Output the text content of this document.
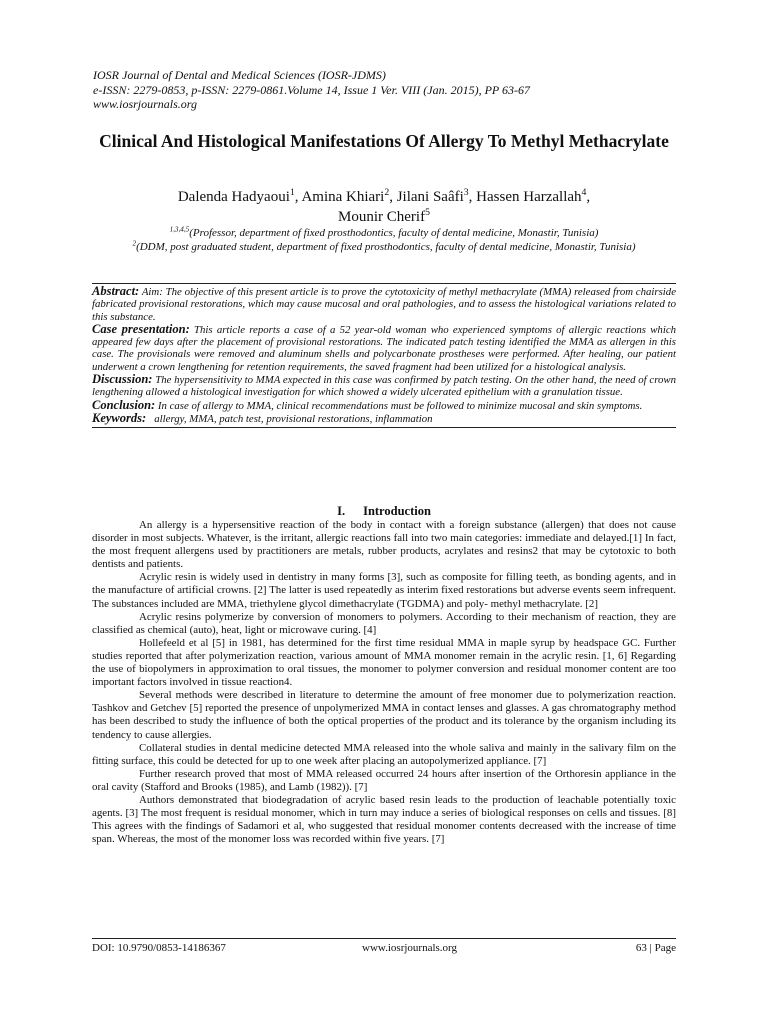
IOSR Journal of Dental and Medical Sciences (IOSR-JDMS)
e-ISSN: 2279-0853, p-ISSN: 2279-0861.Volume 14, Issue 1 Ver. VIII (Jan. 2015), PP 63-67
www.iosrjournals.org
Clinical And Histological Manifestations Of Allergy To Methyl Methacrylate
Dalenda Hadyaoui$^1$, Amina Khiari$^2$, Jilani Saâfi$^3$, Hassen Harzallah$^4$,
Mounir Cherif$^5$
$^{1,3,4,5}$(Professor, department of fixed prosthodontics, faculty of dental medicine, Monastir, Tunisia)
$^2$(DDM, post graduated student, department of fixed prosthodontics, faculty of dental medicine, Monastir, Tunisia)

Abstract: Aim: The objective of this present article is to prove the cytotoxicity of methyl methacrylate (MMA) released from chairside fabricated provisional restorations, which may cause mucosal and oral pathologies, and to assess the histological variations related to this substance.

Case presentation: This article reports a case of a 52 year-old woman who experienced symptoms of allergic reactions which appeared few days after the placement of provisional restorations. The indicated patch testing identified the MMA as allergen in this case. The provisionals were removed and aluminum shells and polycarbonate prostheses were performed. After healing, our patient underwent a crown lengthening for retention requirements, the saved fragment had been utilized for a histological analysis.

Discussion: The hypersensitivity to MMA expected in this case was confirmed by patch testing. On the other hand, the need of crown lengthening allowed a histological investigation for which showed a widely ulcerated epithelium with a granulation tissue.

Conclusion: In case of allergy to MMA, clinical recommendations must be followed to minimize mucosal and skin symptoms.

Keywords: allergy, MMA, patch test, provisional restorations, inflammation

I. Introduction

An allergy is a hypersensitive reaction of the body in contact with a foreign substance (allergen) that does not cause disorder in most subjects. Whatever, is the irritant, allergic reactions fall into two main categories: immediate and delayed.[1] In fact, the most frequent allergens used by practitioners are metals, rubber products, acrylates and resins2 that may be cytotoxic to both dentists and patients.

Acrylic resin is widely used in dentistry in many forms [3], such as composite for filling teeth, as bonding agents, and in the manufacture of artificial crowns. [2] The latter is used repeatedly as interim fixed restorations but adverse events seem infrequent. The substances included are MMA, triethylene glycol dimethacrylate (TGDMA) and poly- methyl methacrylate. [2]

Acrylic resins polymerize by conversion of monomers to polymers. According to their mechanism of reaction, they are classified as chemical (auto), heat, light or microwave curing. [4]

Hollefeeld et al [5] in 1981, has determined for the first time residual MMA in maple syrup by headspace GC. Further studies reported that after polymerization reaction, various amount of MMA monomer remain in the acrylic resin. [1, 6] Regarding the use of biopolymers in approximation to oral tissues, the monomer to polymer conversion and residual monomer content are too important factors involved in tissue reaction4.

Several methods were described in literature to determine the amount of free monomer due to polymerization reaction. Tashkov and Getchev [5] reported the presence of unpolymerized MMA in contact lenses and glasses. A gas chromatography method has been described to study the influence of both the optical properties of the product and its tolerance by the organism including its tendency to cause allergies.

Collateral studies in dental medicine detected MMA released into the whole saliva and mainly in the salivary film on the fitting surface, this could be detected for up to one week after placing an autopolymerized appliance. [7]

Further research proved that most of MMA released occurred 24 hours after insertion of the Orthoresin appliance in the oral cavity (Stafford and Brooks (1985), and Lamb (1982)). [7]

Authors demonstrated that biodegradation of acrylic based resin leads to the production of leachable potentially toxic agents. [3] The most frequent is residual monomer, which in turn may induce a series of biological responses on cells and tissues. [8] This agrees with the findings of Sadamori et al, who suggested that residual monomer contents decreased with the increase of time span. Whereas, the most of the monomer loss was recorded within five years. [7]

DOI: 10.9790/0853-14186367	www.iosrjournals.org	63 | Page
